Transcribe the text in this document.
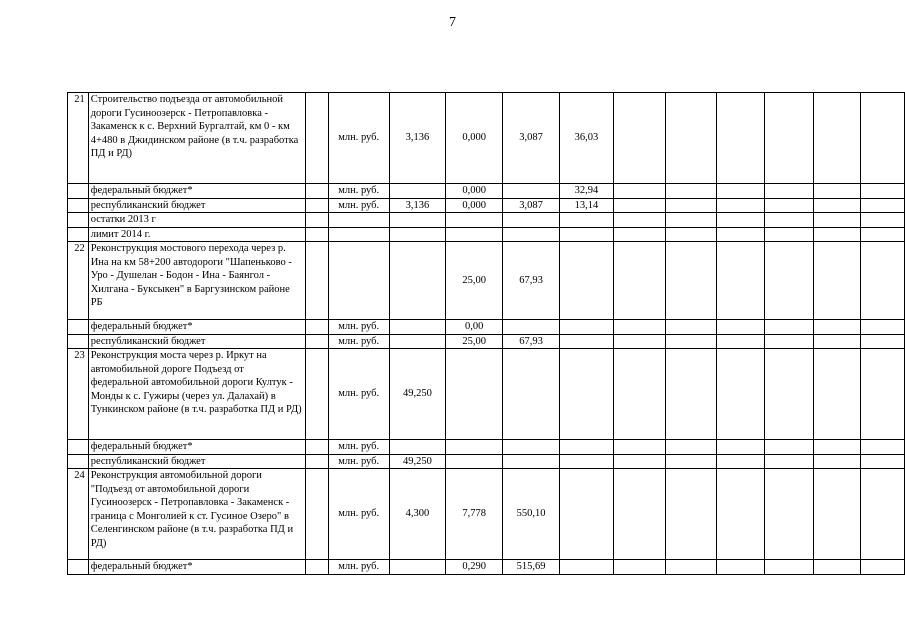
7
21	Строительство подъезда от автомобильной дороги Гусиноозерск - Петропавловка - Закаменск к с. Верхний Бургалтай, км 0 - км 4+480 в Джидинском районе (в т.ч. разработка ПД и РД)		млн. руб.	3,136	0,000	3,087	36,03						
	федеральный бюджет*		млн. руб.		0,000		32,94						
	республиканский бюджет		млн. руб.	3,136	0,000	3,087	13,14						
	остатки 2013 г												
	лимит 2014 г.												
22	Реконструкция мостового перехода через р. Ина на км 58+200 автодороги "Шапеньково - Уро - Душелан - Бодон - Ина - Баянгол - Хилгана - Буксыкен" в Баргузинском районе РБ				25,00	67,93							
	федеральный бюджет*		млн. руб.		0,00								
	республиканский бюджет		млн. руб.		25,00	67,93							
23	Реконструкция моста через р. Иркут на автомобильной дороге Подъезд от федеральной автомобильной дороги Култук - Монды к с. Гужиры (через ул. Далахай) в Тункинском районе (в т.ч. разработка ПД и РД)		млн. руб.	49,250									
	федеральный бюджет*		млн. руб.										
	республиканский бюджет		млн. руб.	49,250									
24	Реконструкция автомобильной дороги "Подъезд от автомобильной дороги Гусиноозерск - Петропавловка - Закаменск - граница с Монголией к ст. Гусиное Озеро" в Селенгинском районе (в т.ч. разработка ПД и РД)		млн. руб.	4,300	7,778	550,10							
	федеральный бюджет*		млн. руб.		0,290	515,69							
